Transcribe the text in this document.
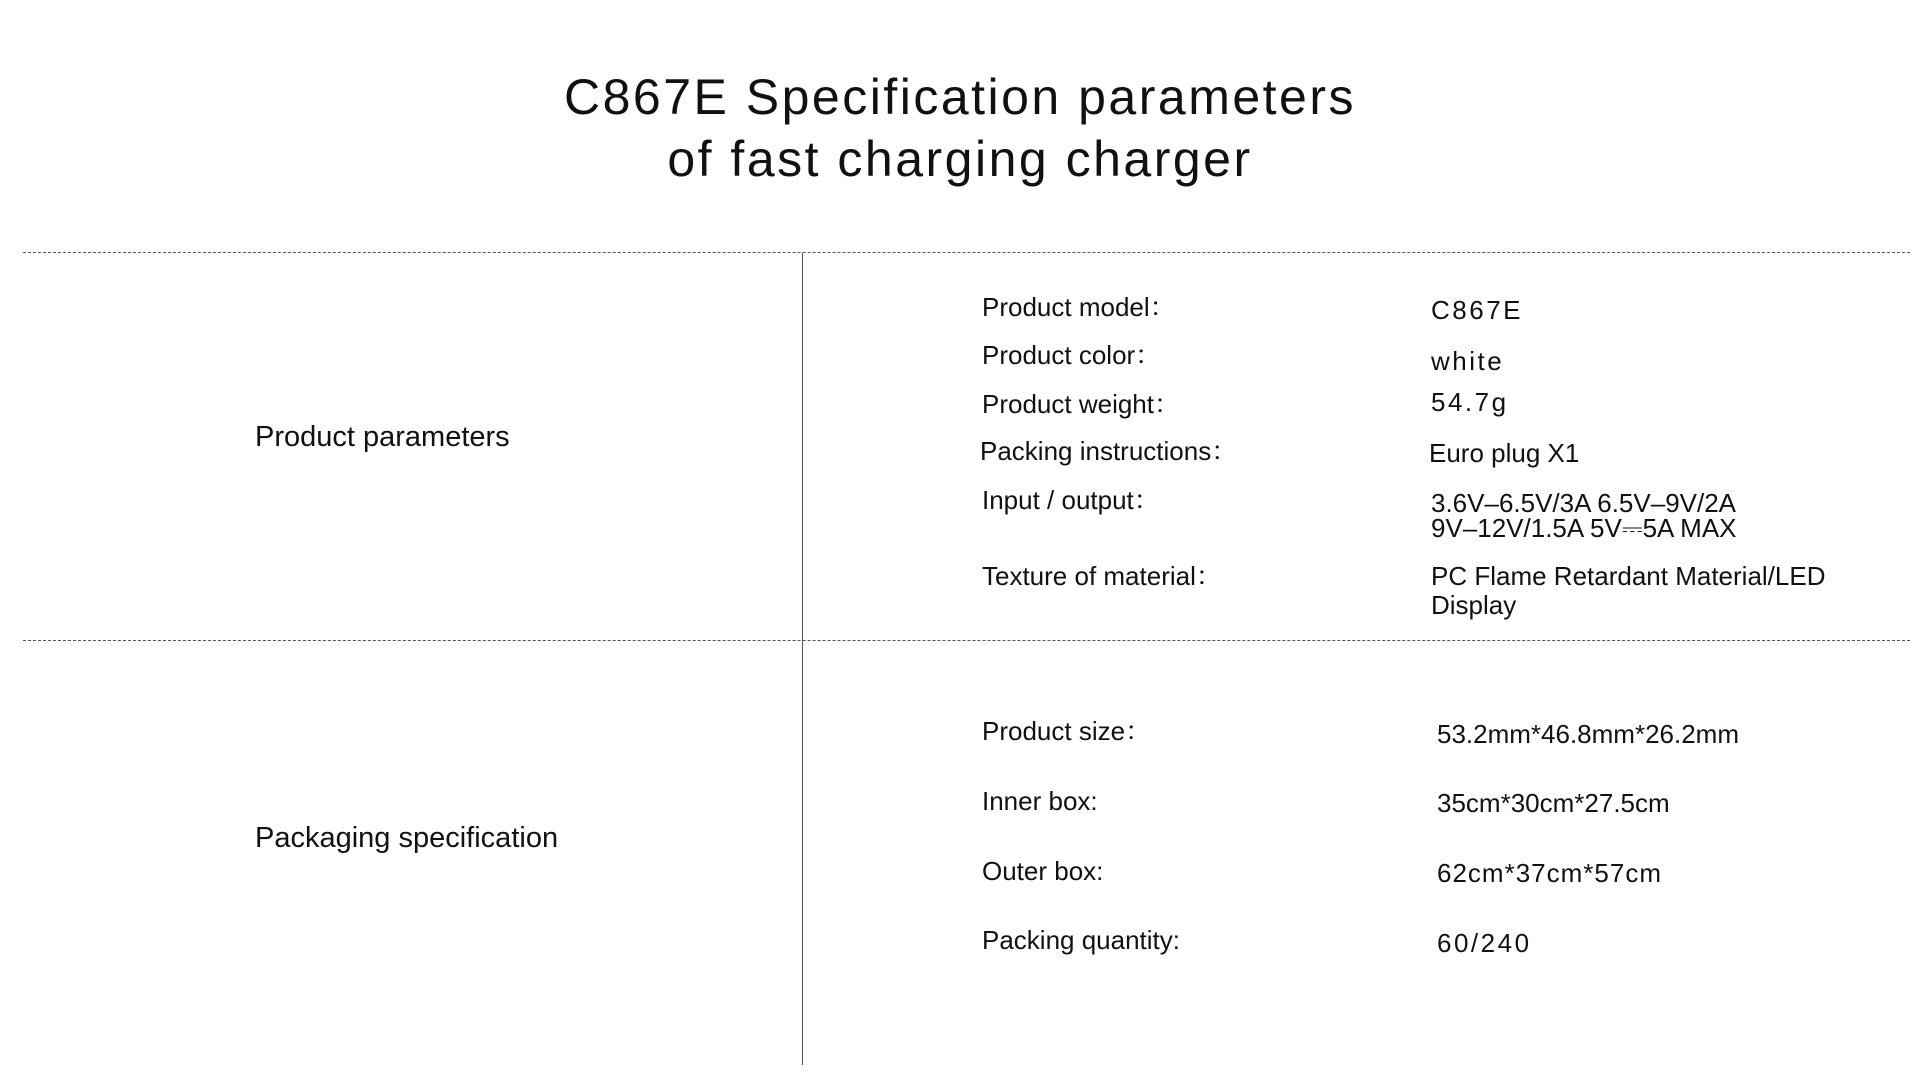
C867E Specification parameters
of fast charging charger
Product parameters
Product model：	C867E
Product color：	white
Product weight：	54.7g
Packing instructions：	Euro plug X1
Input / output：	3.6V–6.5V/3A 6.5V–9V/2A
9V–12V/1.5A 5V⎓5A MAX
Texture of material：	PC Flame Retardant Material/LED
Display
Packaging specification
Product size：	53.2mm*46.8mm*26.2mm
Inner box:	35cm*30cm*27.5cm
Outer box:	62cm*37cm*57cm
Packing quantity:	60/240
